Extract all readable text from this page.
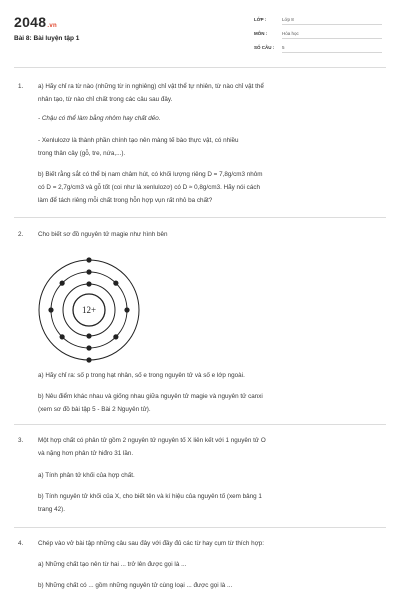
2048.vn
Bài 8: Bài luyện tập 1
LỚP :	Lớp 8
MÔN :	Hóa học
SỐ CÂU :	5
1. a) Hãy chỉ ra từ nào (những từ in nghiêng) chỉ vật thể tự nhiên, từ nào chỉ vật thể
nhân tạo, từ nào chỉ chất trong các câu sau đây.
- Chậu có thể làm bằng nhôm hay chất dẻo.
- Xenlulozơ là thành phần chính tạo nên màng tế bào thực vật, có nhiều
trong thân cây (gỗ, tre, nứa,...).
b) Biết rằng sắt có thể bị nam châm hút, có khối lượng riêng D = 7,8g/cm3 nhôm
có D = 2,7g/cm3 và gỗ tốt (coi như là xenlulozơ) có D ≈ 0,8g/cm3. Hãy nói cách
làm để tách riêng mỗi chất trong hỗn hợp vụn rất nhỏ ba chất?
2. Cho biết sơ đồ nguyên tử magie như hình bên
12+
a) Hãy chỉ ra: số p trong hạt nhân, số e trong nguyên tử và số e lớp ngoài.
b) Nêu điểm khác nhau và giống nhau giữa nguyên tử magie và nguyên tử canxi
(xem sơ đồ bài tập 5 - Bài 2 Nguyên tử).
3. Một hợp chất có phân tử gồm 2 nguyên tử nguyên tố X liên kết với 1 nguyên tử O
và nặng hơn phân tử hiđro 31 lần.
a) Tính phân tử khối của hợp chất.
b) Tính nguyên tử khối của X, cho biết tên và kí hiệu của nguyên tố (xem bảng 1
trang 42).
4. Chép vào vở bài tập những câu sau đây với đầy đủ các từ hay cụm từ thích hợp:
a) Những chất tạo nên từ hai ... trở lên được gọi là ...
b) Những chất có ... gồm những nguyên tử cùng loại ... được gọi là ...
